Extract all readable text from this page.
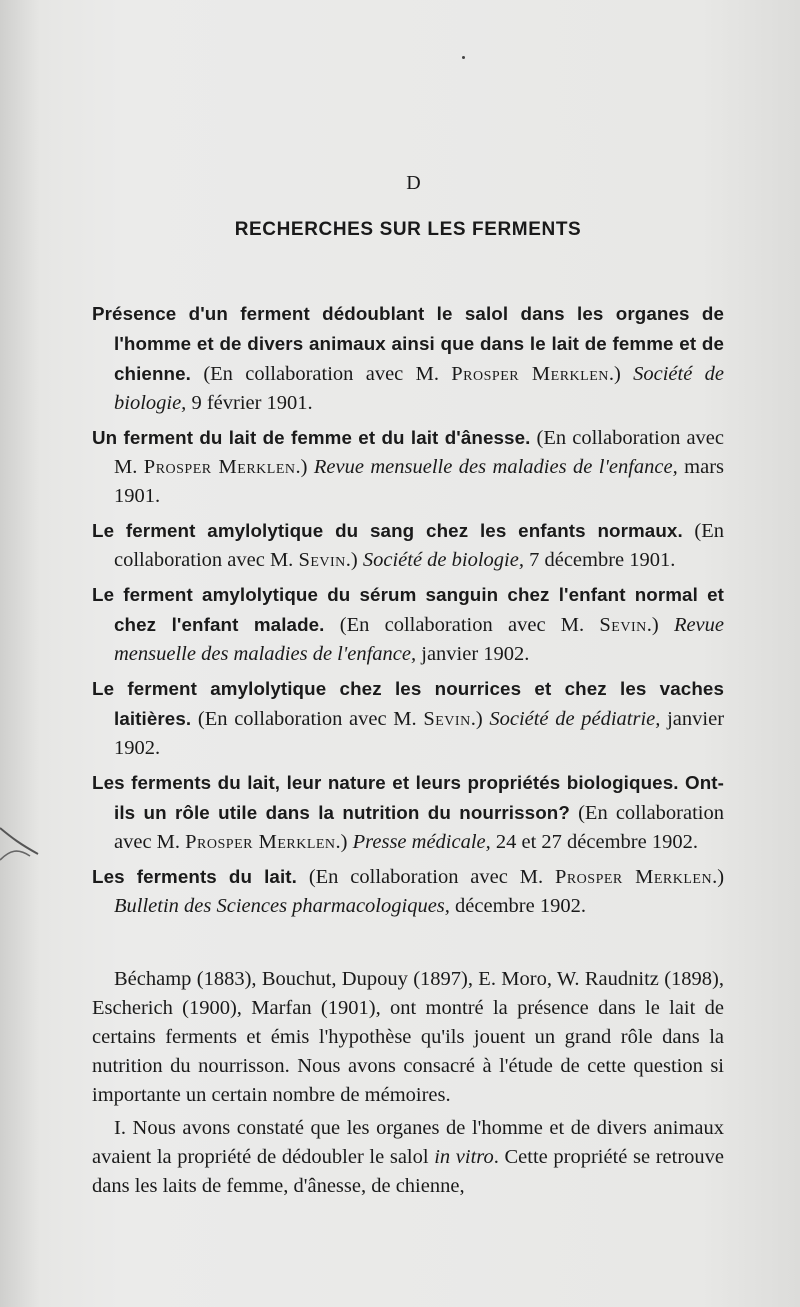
D
RECHERCHES SUR LES FERMENTS
Présence d'un ferment dédoublant le salol dans les organes de l'homme et de divers animaux ainsi que dans le lait de femme et de chienne. (En collaboration avec M. Prosper Merklen.) Société de biologie, 9 février 1901.
Un ferment du lait de femme et du lait d'ânesse. (En collaboration avec M. Prosper Merklen.) Revue mensuelle des maladies de l'enfance, mars 1901.
Le ferment amylolytique du sang chez les enfants normaux. (En collaboration avec M. Sevin.) Société de biologie, 7 décembre 1901.
Le ferment amylolytique du sérum sanguin chez l'enfant normal et chez l'enfant malade. (En collaboration avec M. Sevin.) Revue mensuelle des maladies de l'enfance, janvier 1902.
Le ferment amylolytique chez les nourrices et chez les vaches laitières. (En collaboration avec M. Sevin.) Société de pédiatrie, janvier 1902.
Les ferments du lait, leur nature et leurs propriétés biologiques. Ont-ils un rôle utile dans la nutrition du nourrisson? (En collaboration avec M. Prosper Merklen.) Presse médicale, 24 et 27 décembre 1902.
Les ferments du lait. (En collaboration avec M. Prosper Merklen.) Bulletin des Sciences pharmacologiques, décembre 1902.

Béchamp (1883), Bouchut, Dupouy (1897), E. Moro, W. Raudnitz (1898), Escherich (1900), Marfan (1901), ont montré la présence dans le lait de certains ferments et émis l'hypothèse qu'ils jouent un grand rôle dans la nutrition du nourrisson. Nous avons consacré à l'étude de cette question si importante un certain nombre de mémoires.

I. Nous avons constaté que les organes de l'homme et de divers animaux avaient la propriété de dédoubler le salol in vitro. Cette propriété se retrouve dans les laits de femme, d'ânesse, de chienne,
